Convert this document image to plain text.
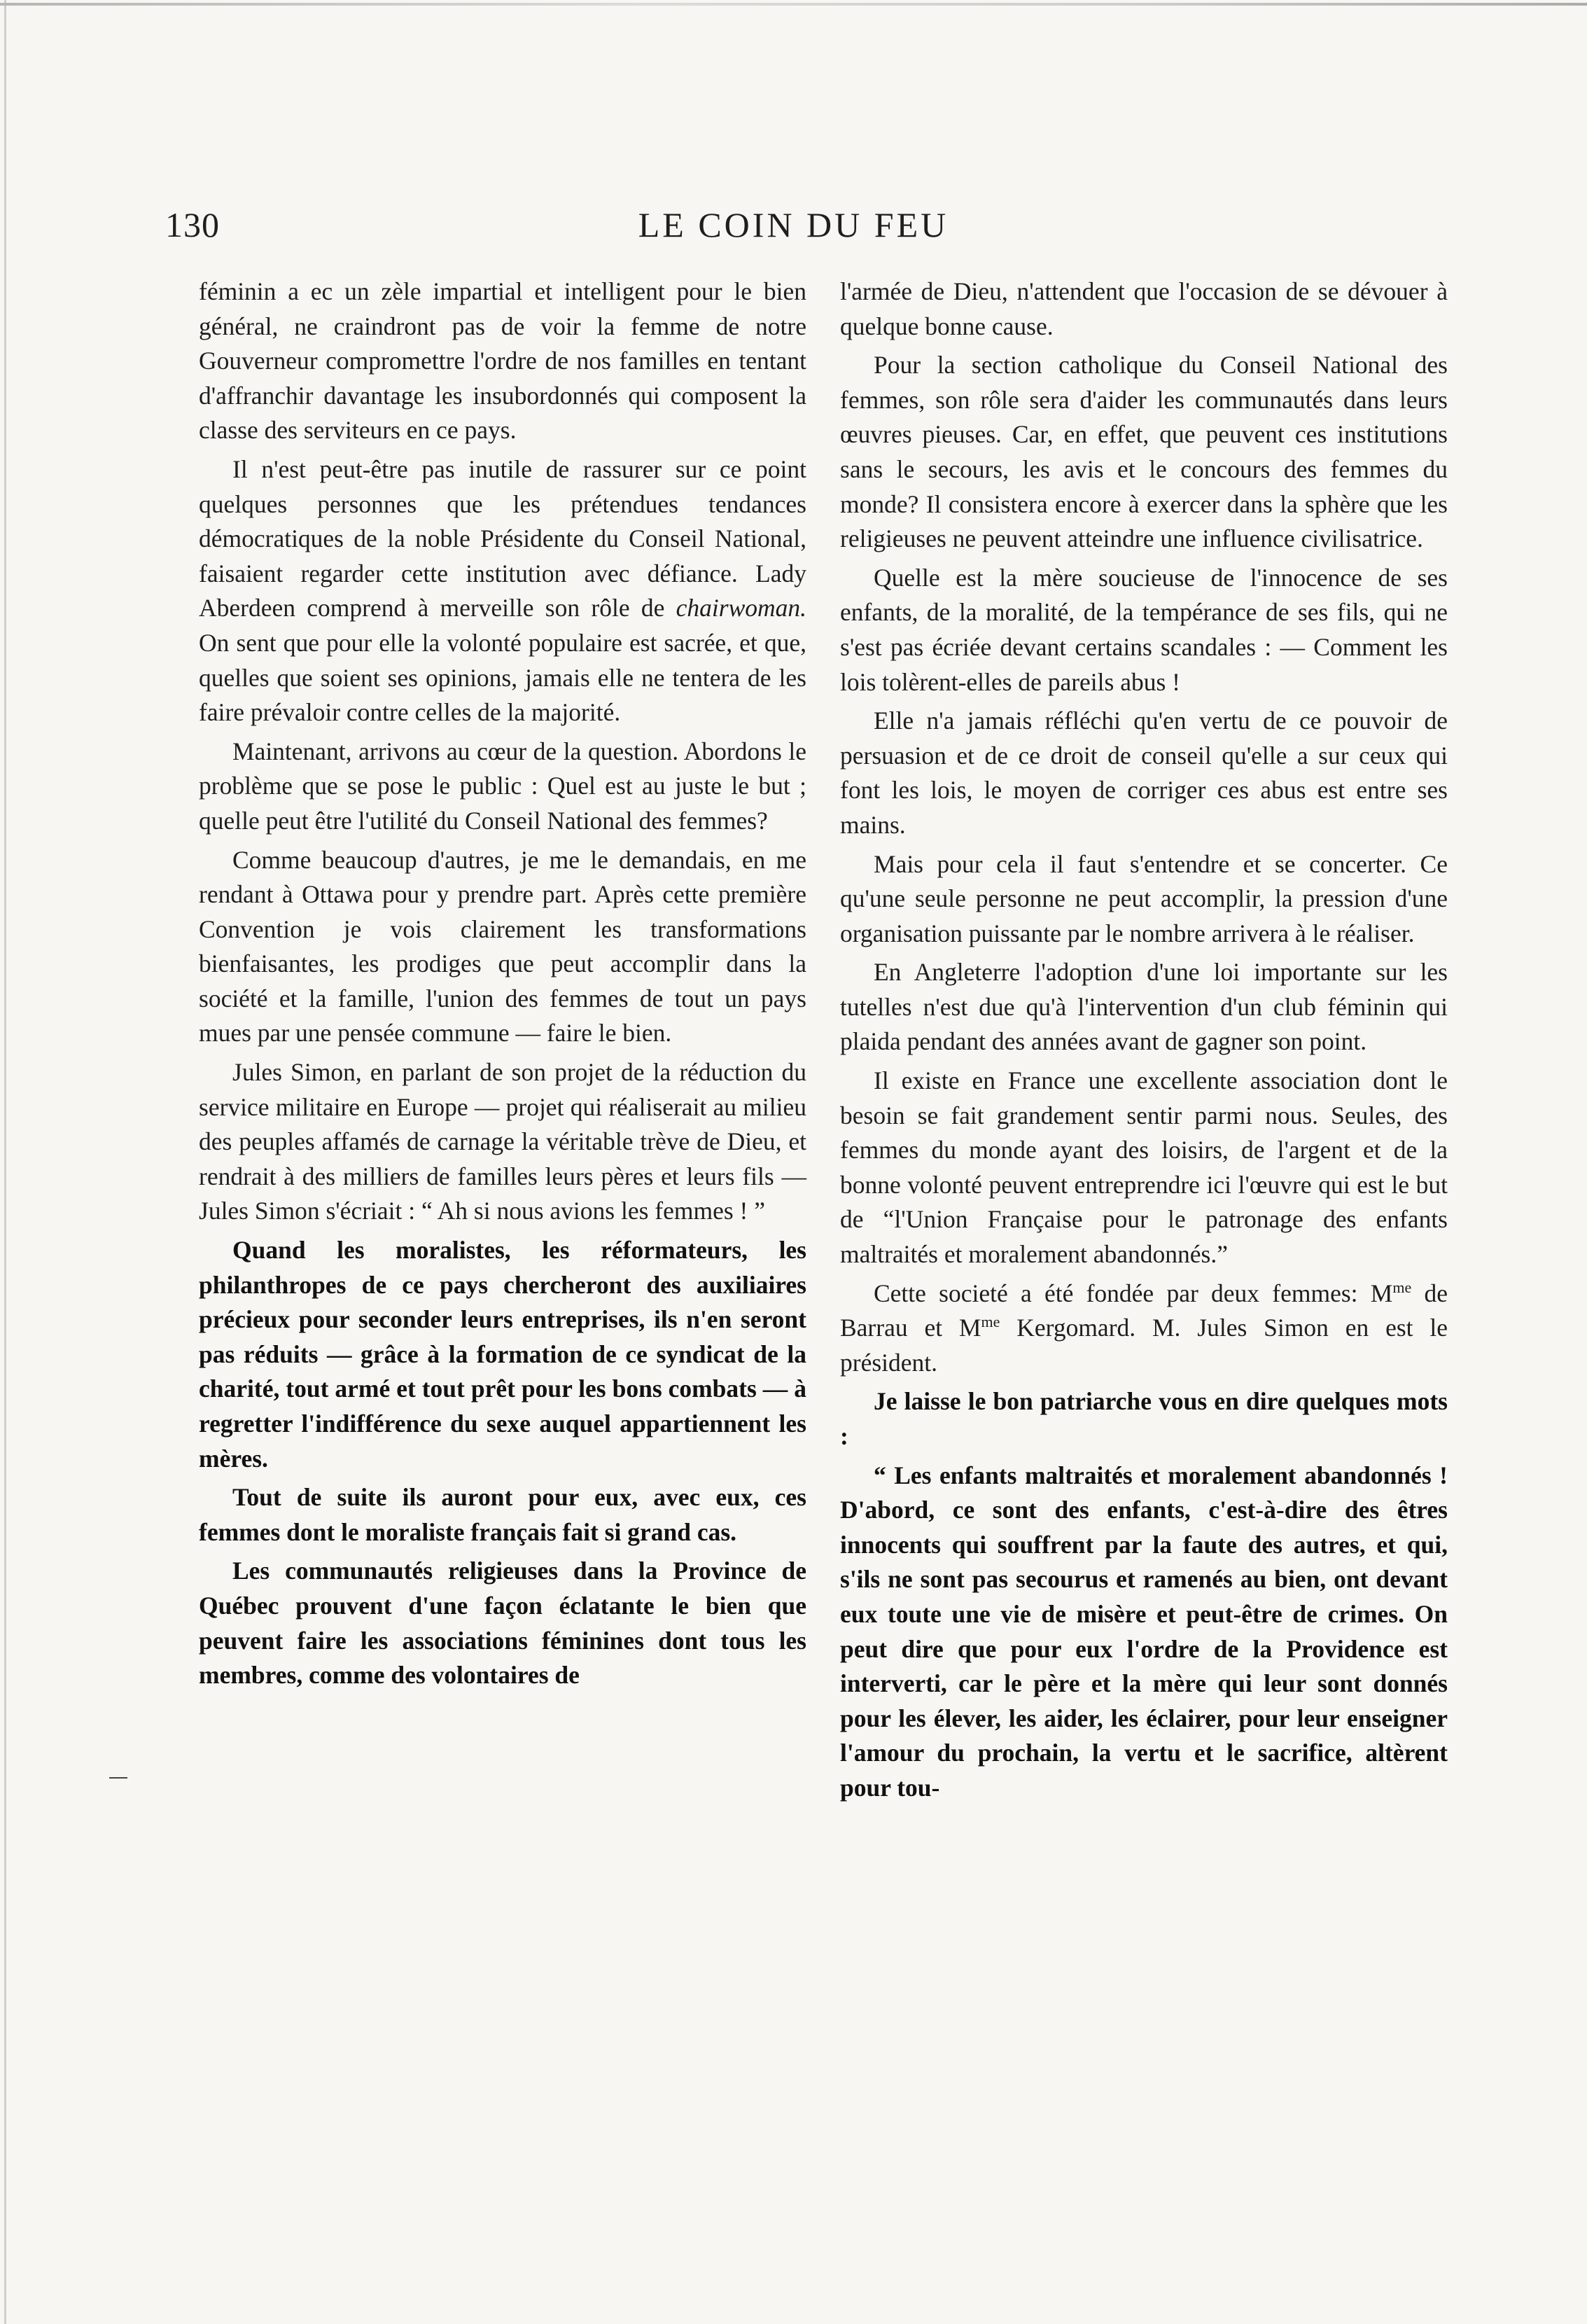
130	LE COIN DU FEU

féminin a ec un zèle impartial et intelligent pour le bien général, ne craindront pas de voir la femme de notre Gouverneur compromettre l'ordre de nos familles en tentant d'affranchir davantage les insubordonnés qui composent la classe des serviteurs en ce pays.

Il n'est peut-être pas inutile de rassurer sur ce point quelques personnes que les prétendues tendances démocratiques de la noble Présidente du Conseil National, faisaient regarder cette institution avec défiance. Lady Aberdeen comprend à merveille son rôle de chairwoman. On sent que pour elle la volonté populaire est sacrée, et que, quelles que soient ses opinions, jamais elle ne tentera de les faire prévaloir contre celles de la majorité.

Maintenant, arrivons au cœur de la question. Abordons le problème que se pose le public : Quel est au juste le but ; quelle peut être l'utilité du Conseil National des femmes?

Comme beaucoup d'autres, je me le demandais, en me rendant à Ottawa pour y prendre part. Après cette première Convention je vois clairement les transformations bienfaisantes, les prodiges que peut accomplir dans la société et la famille, l'union des femmes de tout un pays mues par une pensée commune — faire le bien.

Jules Simon, en parlant de son projet de la réduction du service militaire en Europe — projet qui réaliserait au milieu des peuples affamés de carnage la véritable trève de Dieu, et rendrait à des milliers de familles leurs pères et leurs fils — Jules Simon s'écriait : “ Ah si nous avions les femmes ! ”

Quand les moralistes, les réformateurs, les philanthropes de ce pays chercheront des auxiliaires précieux pour seconder leurs entreprises, ils n'en seront pas réduits — grâce à la formation de ce syndicat de la charité, tout armé et tout prêt pour les bons combats — à regretter l'indifférence du sexe auquel appartiennent les mères.

Tout de suite ils auront pour eux, avec eux, ces femmes dont le moraliste français fait si grand cas.

Les communautés religieuses dans la Province de Québec prouvent d'une façon éclatante le bien que peuvent faire les associations féminines dont tous les membres, comme des volontaires de

l'armée de Dieu, n'attendent que l'occasion de se dévouer à quelque bonne cause.

Pour la section catholique du Conseil National des femmes, son rôle sera d'aider les communautés dans leurs œuvres pieuses. Car, en effet, que peuvent ces institutions sans le secours, les avis et le concours des femmes du monde? Il consistera encore à exercer dans la sphère que les religieuses ne peuvent atteindre une influence civilisatrice.

Quelle est la mère soucieuse de l'innocence de ses enfants, de la moralité, de la tempérance de ses fils, qui ne s'est pas écriée devant certains scandales : — Comment les lois tolèrent-elles de pareils abus !

Elle n'a jamais réfléchi qu'en vertu de ce pouvoir de persuasion et de ce droit de conseil qu'elle a sur ceux qui font les lois, le moyen de corriger ces abus est entre ses mains.

Mais pour cela il faut s'entendre et se concerter. Ce qu'une seule personne ne peut accomplir, la pression d'une organisation puissante par le nombre arrivera à le réaliser.

En Angleterre l'adoption d'une loi importante sur les tutelles n'est due qu'à l'intervention d'un club féminin qui plaida pendant des années avant de gagner son point.

Il existe en France une excellente association dont le besoin se fait grandement sentir parmi nous. Seules, des femmes du monde ayant des loisirs, de l'argent et de la bonne volonté peuvent entreprendre ici l'œuvre qui est le but de “l'Union Française pour le patronage des enfants maltraités et moralement abandonnés.”

Cette societé a été fondée par deux femmes: $M^{me}$ de Barrau et $M^{me}$ Kergomard. M. Jules Simon en est le président.

Je laisse le bon patriarche vous en dire quelques mots :

“ Les enfants maltraités et moralement abandonnés ! D'abord, ce sont des enfants, c'est-à-dire des êtres innocents qui souffrent par la faute des autres, et qui, s'ils ne sont pas secourus et ramenés au bien, ont devant eux toute une vie de misère et peut-être de crimes. On peut dire que pour eux l'ordre de la Providence est interverti, car le père et la mère qui leur sont donnés pour les élever, les aider, les éclairer, pour leur enseigner l'amour du prochain, la vertu et le sacrifice, altèrent pour tou-
